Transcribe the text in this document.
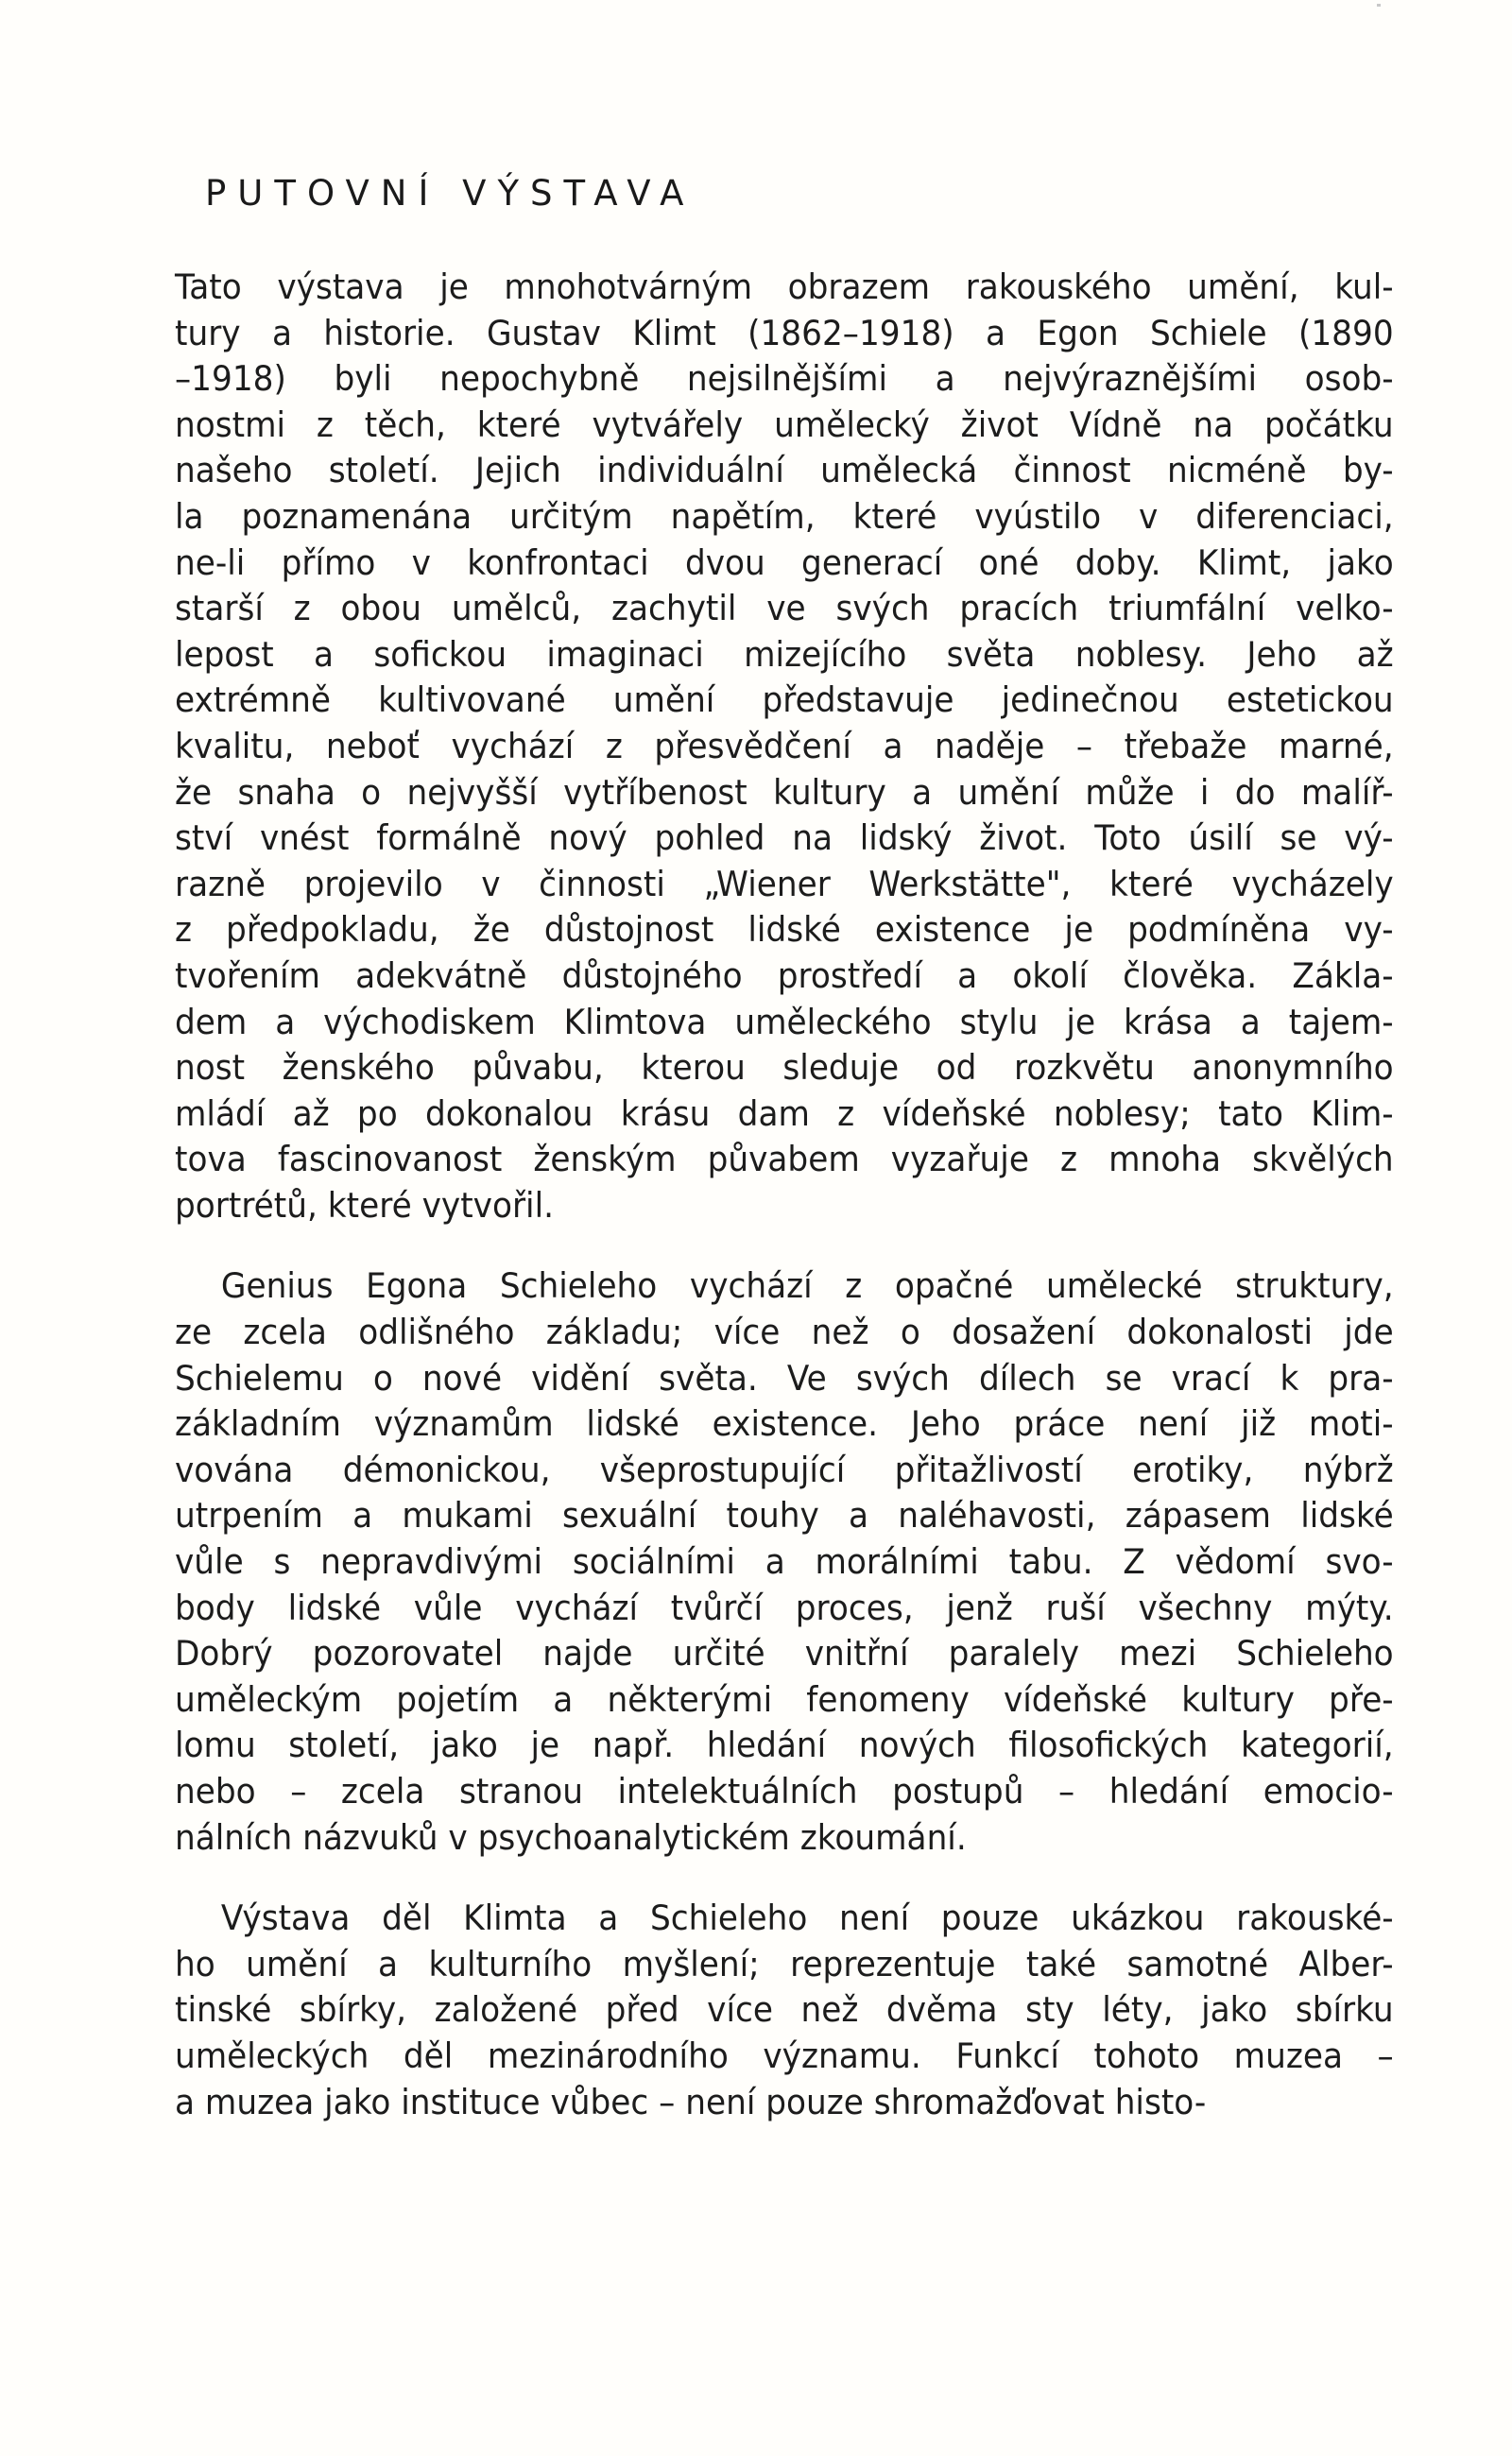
PUTOVNÍ VÝSTAVA
Tato výstava je mnohotvárným obrazem rakouského umění, kul-
tury a historie. Gustav Klimt (1862–1918) a Egon Schiele (1890
–1918) byli nepochybně nejsilnějšími a nejvýraznějšími osob-
nostmi z těch, které vytvářely umělecký život Vídně na počátku
našeho století. Jejich individuální umělecká činnost nicméně by-
la poznamenána určitým napětím, které vyústilo v diferenciaci,
ne-li přímo v konfrontaci dvou generací oné doby. Klimt, jako
starší z obou umělců, zachytil ve svých pracích triumfální velko-
lepost a sofickou imaginaci mizejícího světa noblesy. Jeho až
extrémně kultivované umění představuje jedinečnou estetickou
kvalitu, neboť vychází z přesvědčení a naděje – třebaže marné,
že snaha o nejvyšší vytříbenost kultury a umění může i do malíř-
ství vnést formálně nový pohled na lidský život. Toto úsilí se vý-
razně projevilo v činnosti „Wiener Werkstätte", které vycházely
z předpokladu, že důstojnost lidské existence je podmíněna vy-
tvořením adekvátně důstojného prostředí a okolí člověka. Zákla-
dem a východiskem Klimtova uměleckého stylu je krása a tajem-
nost ženského půvabu, kterou sleduje od rozkvětu anonymního
mládí až po dokonalou krásu dam z vídeňské noblesy; tato Klim-
tova fascinovanost ženským půvabem vyzařuje z mnoha skvělých
portrétů, které vytvořil.
Genius Egona Schieleho vychází z opačné umělecké struktury,
ze zcela odlišného základu; více než o dosažení dokonalosti jde
Schielemu o nové vidění světa. Ve svých dílech se vrací k pra-
základním významům lidské existence. Jeho práce není již moti-
vována démonickou, všeprostupující přitažlivostí erotiky, nýbrž
utrpením a mukami sexuální touhy a naléhavosti, zápasem lidské
vůle s nepravdivými sociálními a morálními tabu. Z vědomí svo-
body lidské vůle vychází tvůrčí proces, jenž ruší všechny mýty.
Dobrý pozorovatel najde určité vnitřní paralely mezi Schieleho
uměleckým pojetím a některými fenomeny vídeňské kultury pře-
lomu století, jako je např. hledání nových filosofických kategorií,
nebo – zcela stranou intelektuálních postupů – hledání emocio-
nálních názvuků v psychoanalytickém zkoumání.
Výstava děl Klimta a Schieleho není pouze ukázkou rakouské-
ho umění a kulturního myšlení; reprezentuje také samotné Alber-
tinské sbírky, založené před více než dvěma sty léty, jako sbírku
uměleckých děl mezinárodního významu. Funkcí tohoto muzea –
a muzea jako instituce vůbec – není pouze shromažďovat histo-
